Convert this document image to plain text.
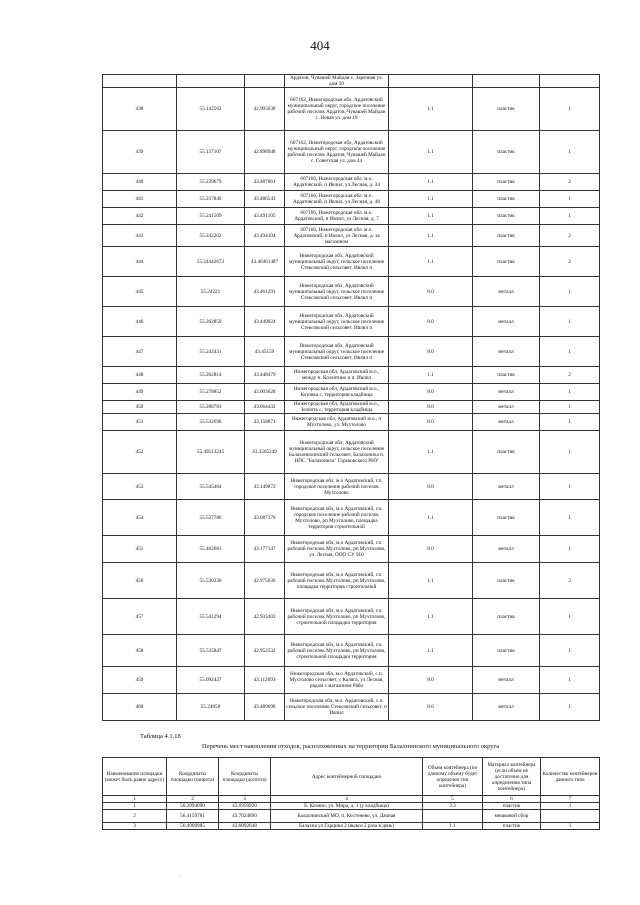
404
			Ардатов, Чувашей Майдан с. Заречная ул. дом 30			
438	55.142562	42.905638	607162, Нижегородская обл, Ардатовский муниципальный округ, городское поселение рабочий поселок Ардатов, Чувашей Майдан с. Новая ул. дом 19	1.1	пластик	1
439	55.137107	42.898948	607162, Нижегородская обл, Ардатовский муниципальный округ, городское поселение рабочий поселок Ардатов, Чувашей Майдан с. Советская ул. дом 44	1.1	пластик	1
440	55.239679	43.487061	607166, Нижегородская обл. м.о. Ардатовский, п Ивлил, ул Лесная, д. 34	1.1	пластик	2
441	55.237849	43.486543	607166, Нижегородская обл. м.о. Ардатовский, п Ивлил, ул Лесная, д. 48	1.1	пластик	1
442	55.241509	43.491105	607166, Нижегородская обл. м.о. Ардатовский, п Ивлил, ул Лесная, д. 7	1.1	пластик	1
443	55.242262	43.494104	607166, Нижегородская обл. м.о. Ардатовский, п Ивлил, ул Лесная, д. за магазином	1.1	пластик	2
444	55.24442673	43.46461487	Нижегородская обл, Ардатовский муниципальный округ, сельское поселение Стексовский сельсовет, Ивлил п	1.1	пластик	2
445	55.24221	43.461291	Нижегородская обл, Ардатовский муниципальный округ, сельское поселение Стексовский сельсовет, Ивлил п	8.0	металл	1
446	55.262859	43.449024	Нижегородская обл, Ардатовский муниципальный округ, сельское поселение Стексовский сельсовет, Ивлил п	8.0	металл	1
447	55.242431	43.45159	Нижегородская обл, Ардатовский муниципальный округ, сельское поселение Стексовский сельсовет, Ивлил п	8.0	металл	1
448	55.262814	43.448479	Нижегородская обл, Ардатовский м.о., между п. Козлятино и п. Ивлил	1.1	пластик	2
449	55.278852	43.003628	Нижегородская обл, Ардатовский м.о., Котовка с, территория кладбища	8.0	металл	1
450	55.288783	43.064432	Нижегородская обл, Ардатовский м.о., Зеленть с, территория кладбища	8.0	металл	1
451	55.532696	43.158871	Нижегородская обл, Ардатовский м.о., п Мухтолово, ул. Мухтолово	8.0	металл	1
452	55.49513245	43.3505249	Нижегородская обл, Ардатовский муниципальный округ, сельское поселение Балахонихинский сельсовет, Балахониха п. НПС "Балахониха" Горьковского РНУ	1.1	пластик	1
453	55.545464	43.149872	Нижегородская обл, м.о Ардатовский, г.п. городское поселение рабочий поселок Мухтолово	8.0	металл	1
454	55.527786	43.087376	Нижегородская обл, м.о Ардатовский, г.п. городское поселение рабочий поселок Мухтолово, рп Мухтолово, площадка территория строительной	1.1	пластик	1
455	55.462681	43.177147	Нижегородская обл, м.о Ардатовский, г.п. рабочий поселок Мухтолово, рп Мухтолово, ул. Лесная, ООО СУ 910	8.0	металл	1
456	55.530236	42.975636	Нижегородская обл, м.о Ардатовский, г.п. рабочий поселок Мухтолово, рп Мухтолово, площадка территория строительной	1.1	пластик	3
457	55.541294	42.933403	Нижегородская обл, м.о Ардатовский, г.п. рабочий поселок Мухтолово, рп Мухтолово, строительной площадки территория	1.1	пластик	1
458	55.535847	42.952532	Нижегородская обл, м.о Ардатовский, г.п. рабочий поселок Мухтолово, рп Мухтолово, строительной площадки территория	1.1	пластик	1
459	55.092427	43.112693	Нижегородская обл, м.о Ардатовский, с.п. Мухтолово сельсовет, с Каляга, ул Лесная, рядом с магазином Рябо	8.0	металл	1
460	55.24058	43.489698	Нижегородская обл, м.о. Ардатовский, с.п. сельское поселение Стексовский сельсовет, п Ивлил	8.0	металл	1
Таблица 4.1.18
Перечень мест накопления отходов, расположенных на территории Балахнинского муниципального округа
Наименование площадки (может быть равно адресу)	Координаты площадки (широта)	Координаты площадки (долгота)	Адрес контейнерной площадки	Объем контейнера (по данному объему будет определен тип контейнера)	Материал контейнера (если объем не достаточно для определения типа контейнера)	Количество контейнеров данного типа
1	2	3	4	5	6	7
1	56.3994090	43.6950920	Б. Козино, ул. Мира, д. 1 (у кладбища)	3.3	пластик	1
2	56.4159781	43.7024890	Балахнинский МО, п. Костенево, ул. Дачная		мешковой сбор	
3	56.4909985	43.6092648	Балахна ул Гарцина 2 (вывоз 2 раза в день)	1.1	пластик	1
.
